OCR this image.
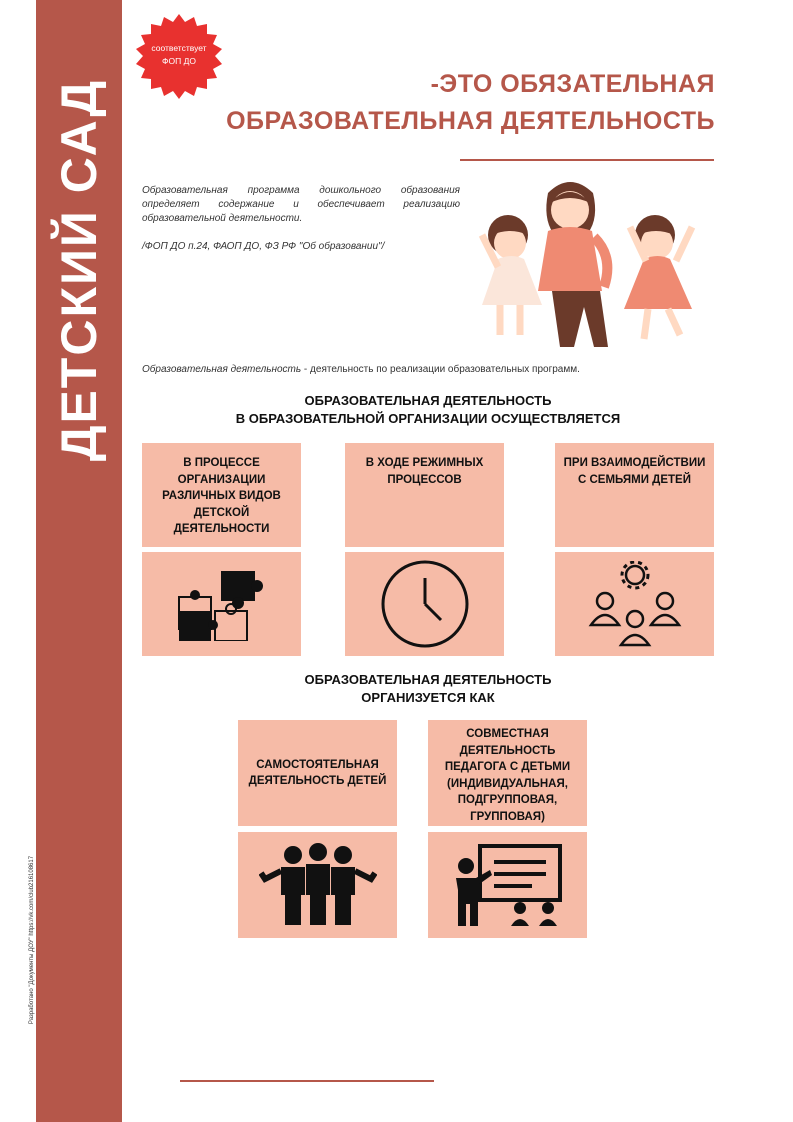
ДЕТСКИЙ САД
Разработано "Документы ДОУ" https://vk.com/club216108617
соответствует
ФОП ДО
-ЭТО ОБЯЗАТЕЛЬНАЯ
ОБРАЗОВАТЕЛЬНАЯ ДЕЯТЕЛЬНОСТЬ
Образовательная программа дошкольного образования определяет содержание и обеспечивает реализацию образовательной деятельности.
/ФОП ДО п.24, ФАОП ДО, ФЗ РФ "Об образовании"/
Образовательная деятельность - деятельность по реализации образовательных программ.
ОБРАЗОВАТЕЛЬНАЯ ДЕЯТЕЛЬНОСТЬ
В ОБРАЗОВАТЕЛЬНОЙ ОРГАНИЗАЦИИ ОСУЩЕСТВЛЯЕТСЯ
В ПРОЦЕССЕ ОРГАНИЗАЦИИ РАЗЛИЧНЫХ ВИДОВ ДЕТСКОЙ ДЕЯТЕЛЬНОСТИ
В ХОДЕ РЕЖИМНЫХ ПРОЦЕССОВ
ПРИ ВЗАИМОДЕЙСТВИИ С СЕМЬЯМИ ДЕТЕЙ
ОБРАЗОВАТЕЛЬНАЯ ДЕЯТЕЛЬНОСТЬ
ОРГАНИЗУЕТСЯ КАК
САМОСТОЯТЕЛЬНАЯ ДЕЯТЕЛЬНОСТЬ ДЕТЕЙ
СОВМЕСТНАЯ ДЕЯТЕЛЬНОСТЬ ПЕДАГОГА С ДЕТЬМИ (ИНДИВИДУАЛЬНАЯ, ПОДГРУППОВАЯ, ГРУППОВАЯ)
